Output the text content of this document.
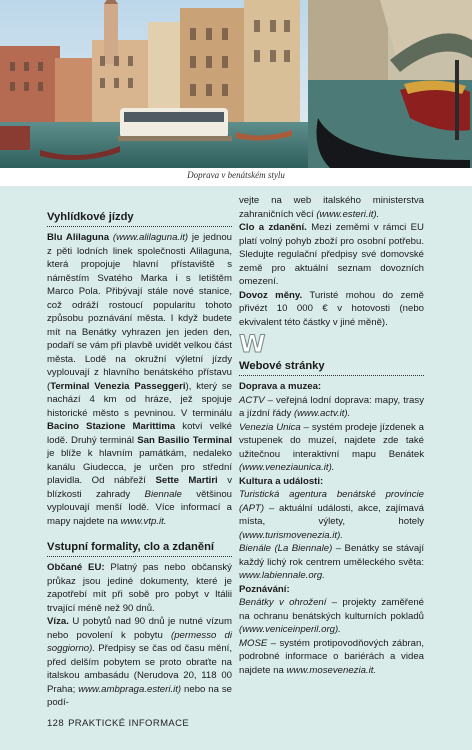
Doprava v benátském stylu
Vyhlídkové jízdy

Blu Alilaguna (www.alilaguna.it) je jednou z pěti lodních linek společnosti Alilaguna, která propojuje hlavní přístaviště s náměstím Svatého Marka i s letištěm Marco Pola. Přibývají stále nové stanice, což odráží rostoucí popularitu tohoto způsobu poznávání města. I když budete mít na Benátky vyhrazen jen jeden den, podaří se vám při plavbě uvidět velkou část města. Lodě na okružní výletní jízdy vyplouvají z hlavního benátského přístavu (Terminal Venezia Passeggeri), který se nachází 4 km od hráze, jež spojuje historické město s pevninou. V terminálu Bacino Stazione Marittima kotví velké lodě. Druhý terminál San Basilio Terminal je blíže k hlavním památkám, nedaleko kanálu Giudecca, je určen pro střední plavidla. Od nábřeží Sette Martiri v blízkosti zahrady Biennale většinou vyplouvají menší lodě. Více informací a mapy najdete na www.vtp.it.

Vstupní formality, clo a zdanění

Občané EU: Platný pas nebo občanský průkaz jsou jediné dokumenty, které je zapotřebí mít při sobě pro pobyt v Itálii trvající méně než 90 dnů.

Víza. U pobytů nad 90 dnů je nutné vízum nebo povolení k pobytu (permesso di soggiorno). Předpisy se čas od času mění, před delším pobytem se proto obraťte na italskou ambasádu (Nerudova 20, 118 00 Praha; www.ambpraga.esteri.it) nebo na se podí-

vejte na web italského ministerstva zahraničních věcí (www.esteri.it).

Clo a zdanění. Mezi zeměmi v rámci EU platí volný pohyb zboží pro osobní potřebu. Sledujte regulační předpisy své domovské země pro aktuální seznam dovozních omezení.

Dovoz měny. Turisté mohou do země přivézt 10 000 € v hotovosti (nebo ekvivalent této částky v jiné měně).

W
Webové stránky
Doprava a muzea:

ACTV – veřejná lodní doprava: mapy, trasy a jízdní řády (www.actv.it).

Venezia Unica – systém prodeje jízdenek a vstupenek do muzeí, najdete zde také užitečnou interaktivní mapu Benátek (www.veneziaunica.it).

Kultura a události:

Turistická agentura benátské provincie (APT) – aktuální události, akce, zajímavá místa, výlety, hotely (www.turismovenezia.it).

Bienále (La Biennale) – Benátky se stávají každý lichý rok centrem uměleckého světa: www.labiennale.org.

Poznávání:

Benátky v ohrožení – projekty zaměřené na ochranu benátských kulturních pokladů (www.veniceinperil.org).

MOSE – systém protipovodňových zábran, podrobné informace o bariérách a videa najdete na www.mosevenezia.it.

128 PRAKTICKÉ INFORMACE
